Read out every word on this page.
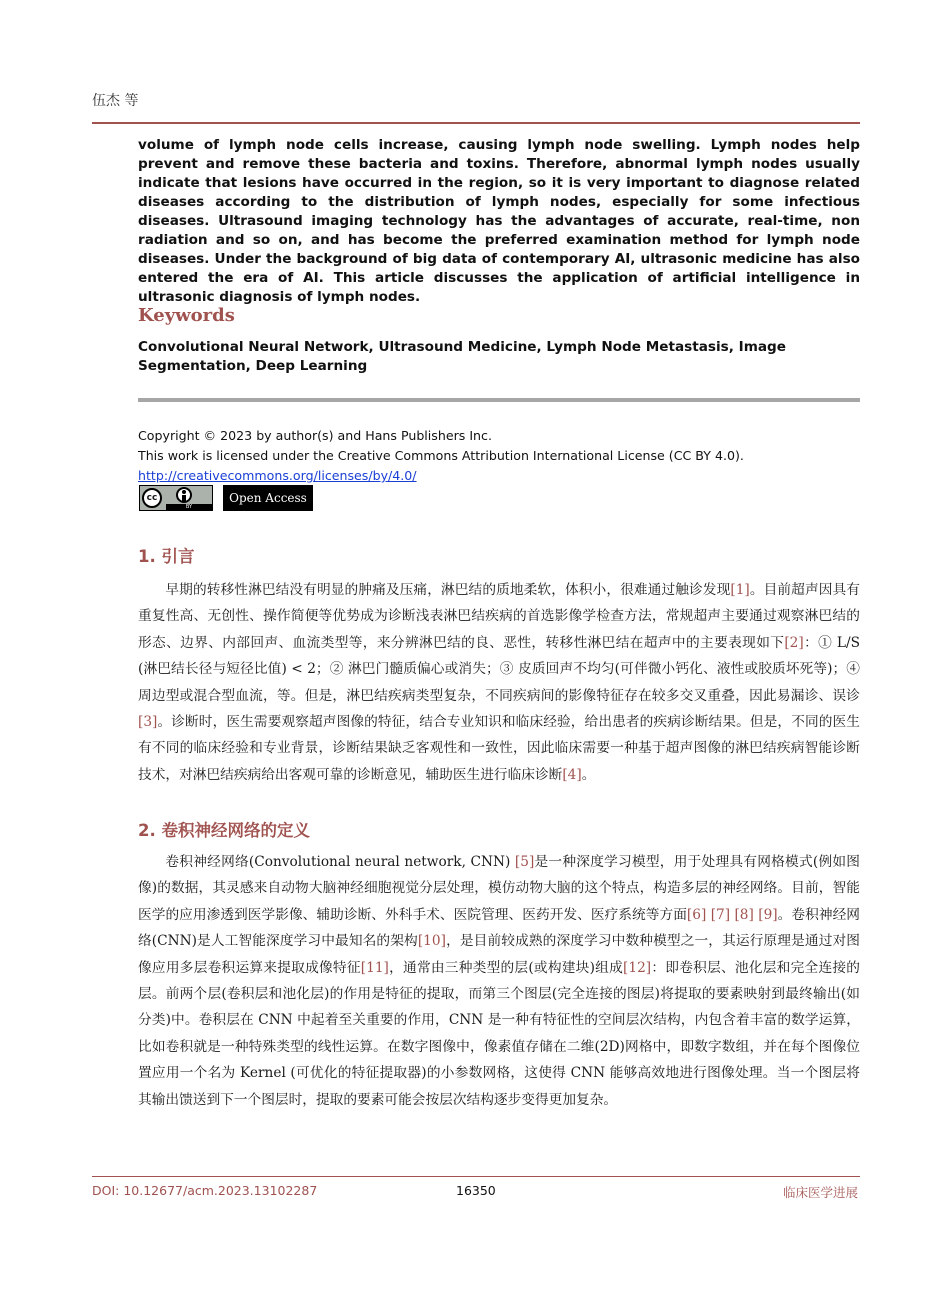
伍杰 等
volume of lymph node cells increase, causing lymph node swelling. Lymph nodes help prevent and remove these bacteria and toxins. Therefore, abnormal lymph nodes usually indicate that lesions have occurred in the region, so it is very important to diagnose related diseases according to the distribution of lymph nodes, especially for some infectious diseases. Ultrasound imaging technology has the advantages of accurate, real-time, non radiation and so on, and has become the preferred examination method for lymph node diseases. Under the background of big data of contemporary AI, ultrasonic medicine has also entered the era of AI. This article discusses the application of artificial intelligence in ultrasonic diagnosis of lymph nodes.
Keywords
Convolutional Neural Network, Ultrasound Medicine, Lymph Node Metastasis, Image Segmentation, Deep Learning
Copyright © 2023 by author(s) and Hans Publishers Inc.
This work is licensed under the Creative Commons Attribution International License (CC BY 4.0).
http://creativecommons.org/licenses/by/4.0/
cc
BY
Open Access
1. 引言

早期的转移性淋巴结没有明显的肿痛及压痛，淋巴结的质地柔软，体积小，很难通过触诊发现[1]。目前超声因具有重复性高、无创性、操作简便等优势成为诊断浅表淋巴结疾病的首选影像学检查方法，常规超声主要通过观察淋巴结的形态、边界、内部回声、血流类型等，来分辨淋巴结的良、恶性，转移性淋巴结在超声中的主要表现如下[2]：① L/S (淋巴结长径与短径比值) < 2；② 淋巴门髓质偏心或消失；③ 皮质回声不均匀(可伴微小钙化、液性或胶质坏死等)；④ 周边型或混合型血流，等。但是，淋巴结疾病类型复杂，不同疾病间的影像特征存在较多交叉重叠，因此易漏诊、误诊[3]。诊断时，医生需要观察超声图像的特征，结合专业知识和临床经验，给出患者的疾病诊断结果。但是，不同的医生有不同的临床经验和专业背景，诊断结果缺乏客观性和一致性，因此临床需要一种基于超声图像的淋巴结疾病智能诊断技术，对淋巴结疾病给出客观可靠的诊断意见，辅助医生进行临床诊断[4]。

2. 卷积神经网络的定义

卷积神经网络(Convolutional neural network, CNN) [5]是一种深度学习模型，用于处理具有网格模式(例如图像)的数据，其灵感来自动物大脑神经细胞视觉分层处理，模仿动物大脑的这个特点，构造多层的神经网络。目前，智能医学的应用渗透到医学影像、辅助诊断、外科手术、医院管理、医药开发、医疗系统等方面[6] [7] [8] [9]。卷积神经网络(CNN)是人工智能深度学习中最知名的架构[10]，是目前较成熟的深度学习中数种模型之一，其运行原理是通过对图像应用多层卷积运算来提取成像特征[11]，通常由三种类型的层(或构建块)组成[12]：即卷积层、池化层和完全连接的层。前两个层(卷积层和池化层)的作用是特征的提取，而第三个图层(完全连接的图层)将提取的要素映射到最终输出(如分类)中。卷积层在 CNN 中起着至关重要的作用，CNN 是一种有特征性的空间层次结构，内包含着丰富的数学运算，比如卷积就是一种特殊类型的线性运算。在数字图像中，像素值存储在二维(2D)网格中，即数字数组，并在每个图像位置应用一个名为 Kernel (可优化的特征提取器)的小参数网格，这使得 CNN 能够高效地进行图像处理。当一个图层将其输出馈送到下一个图层时，提取的要素可能会按层次结构逐步变得更加复杂。

DOI: 10.12677/acm.2023.13102287	16350	临床医学进展
